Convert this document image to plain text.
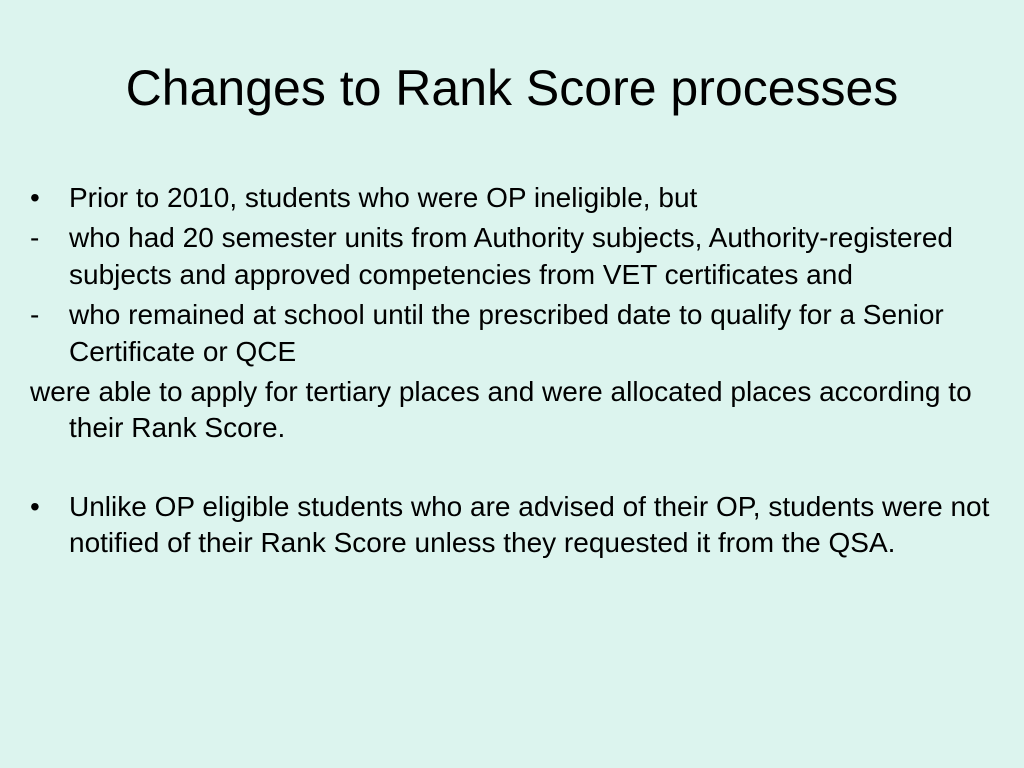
Changes to Rank Score processes
•	Prior to 2010, students who were OP ineligible, but
-	who had 20 semester units from Authority subjects, Authority-registered subjects and approved competencies from VET certificates and
-	who remained at school until the prescribed date to qualify for a Senior Certificate or QCE
were able to apply for tertiary places and were allocated places according to their Rank Score.
•	Unlike OP eligible students who are advised of their OP, students were not notified of their Rank Score unless they requested it from the QSA.
